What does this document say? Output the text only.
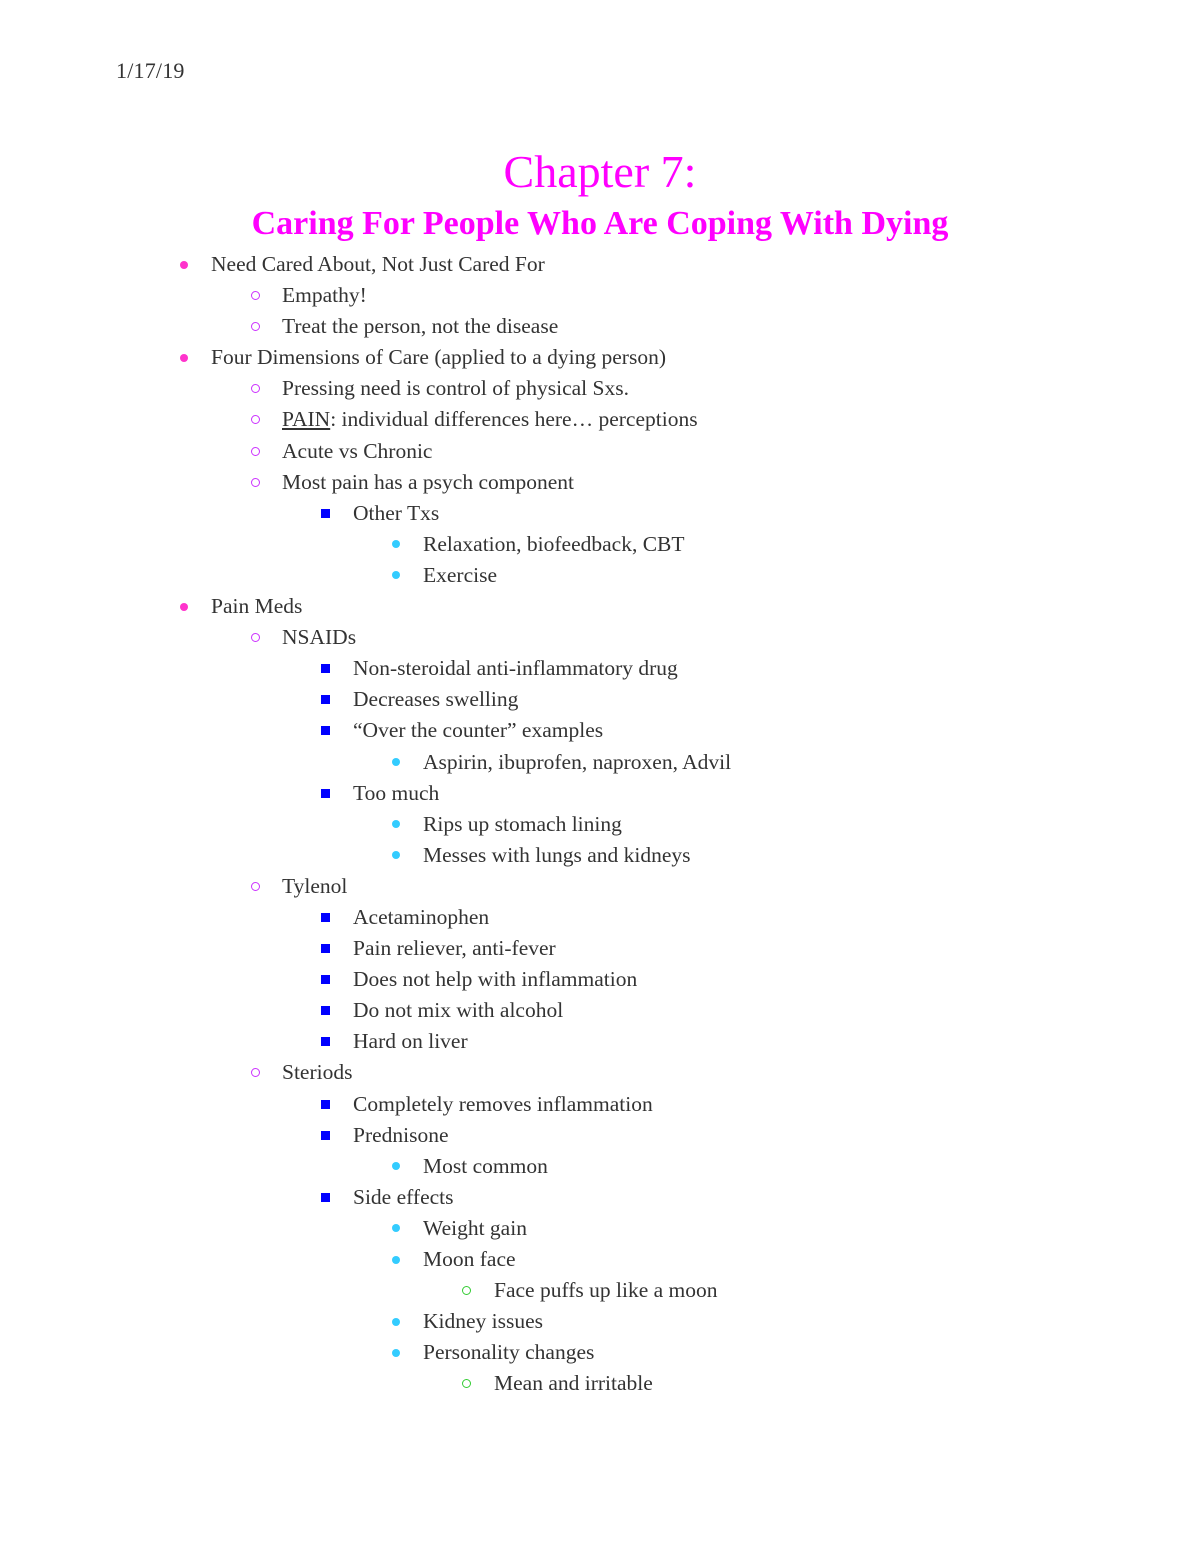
1/17/19
Chapter 7:
Caring For People Who Are Coping With Dying
Need Cared About, Not Just Cared For
Empathy!
Treat the person, not the disease
Four Dimensions of Care (applied to a dying person)
Pressing need is control of physical Sxs.
PAIN: individual differences here… perceptions
Acute vs Chronic
Most pain has a psych component
Other Txs
Relaxation, biofeedback, CBT
Exercise
Pain Meds
NSAIDs
Non-steroidal anti-inflammatory drug
Decreases swelling
“Over the counter” examples
Aspirin, ibuprofen, naproxen, Advil
Too much
Rips up stomach lining
Messes with lungs and kidneys
Tylenol
Acetaminophen
Pain reliever, anti-fever
Does not help with inflammation
Do not mix with alcohol
Hard on liver
Steriods
Completely removes inflammation
Prednisone
Most common
Side effects
Weight gain
Moon face
Face puffs up like a moon
Kidney issues
Personality changes
Mean and irritable
